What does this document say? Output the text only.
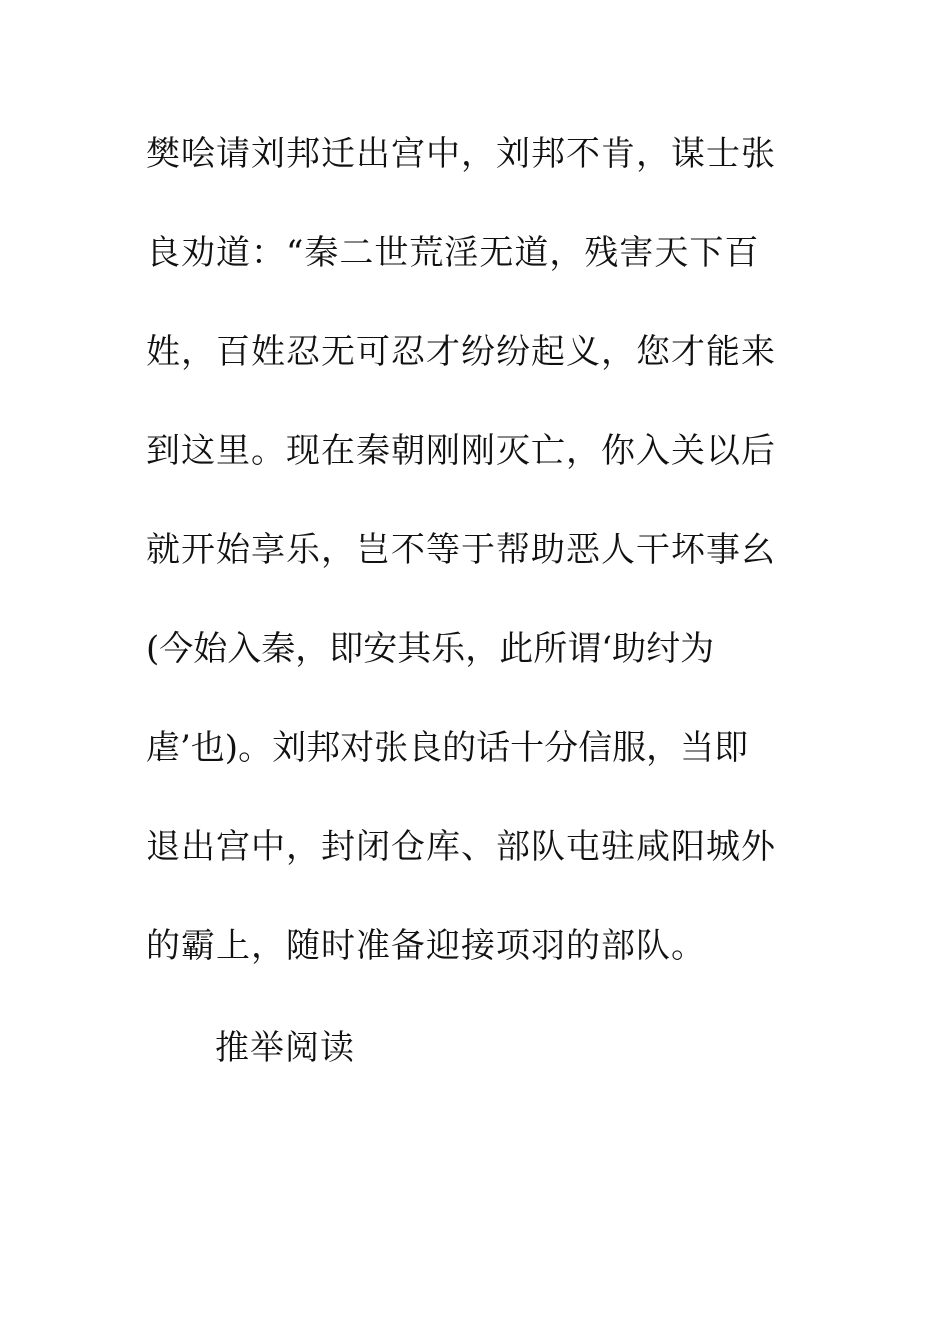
樊哙请刘邦迁出宫中，刘邦不肯，谋士张
良劝道：“秦二世荒淫无道，残害天下百
姓，百姓忍无可忍才纷纷起义，您才能来
到这里。现在秦朝刚刚灭亡，你入关以后
就开始享乐，岂不等于帮助恶人干坏事幺
(今始入秦，即安其乐，此所谓‘助纣为
虐’也)。刘邦对张良的话十分信服，当即
退出宫中，封闭仓库、部队屯驻咸阳城外
的霸上，随时准备迎接项羽的部队。
推举阅读
